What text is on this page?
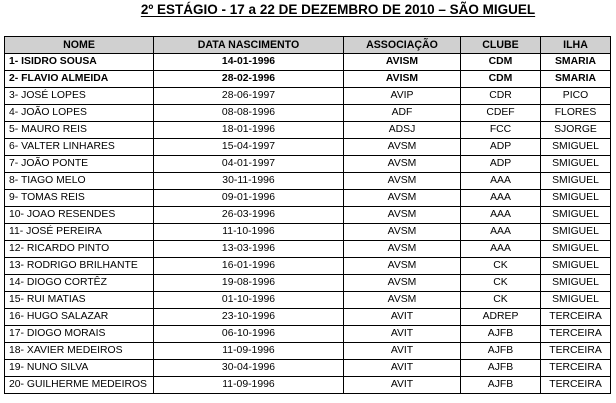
2º ESTÁGIO - 17 a 22 DE DEZEMBRO DE 2010 – SÃO MIGUEL
NOME	DATA NASCIMENTO	ASSOCIAÇÃO	CLUBE	ILHA
1- ISIDRO SOUSA	14-01-1996	AVISM	CDM	SMARIA
2- FLAVIO ALMEIDA	28-02-1996	AVISM	CDM	SMARIA
3- JOSÉ LOPES	28-06-1997	AVIP	CDR	PICO
4- JOÃO LOPES	08-08-1996	ADF	CDEF	FLORES
5- MAURO REIS	18-01-1996	ADSJ	FCC	SJORGE
6- VALTER LINHARES	15-04-1997	AVSM	ADP	SMIGUEL
7- JOÃO PONTE	04-01-1997	AVSM	ADP	SMIGUEL
8- TIAGO MELO	30-11-1996	AVSM	AAA	SMIGUEL
9- TOMAS REIS	09-01-1996	AVSM	AAA	SMIGUEL
10- JOAO RESENDES	26-03-1996	AVSM	AAA	SMIGUEL
11- JOSÉ PEREIRA	11-10-1996	AVSM	AAA	SMIGUEL
12- RICARDO PINTO	13-03-1996	AVSM	AAA	SMIGUEL
13- RODRIGO BRILHANTE	16-01-1996	AVSM	CK	SMIGUEL
14- DIOGO CORTÊZ	19-08-1996	AVSM	CK	SMIGUEL
15- RUI MATIAS	01-10-1996	AVSM	CK	SMIGUEL
16- HUGO SALAZAR	23-10-1996	AVIT	ADREP	TERCEIRA
17- DIOGO MORAIS	06-10-1996	AVIT	AJFB	TERCEIRA
18- XAVIER MEDEIROS	11-09-1996	AVIT	AJFB	TERCEIRA
19- NUNO SILVA	30-04-1996	AVIT	AJFB	TERCEIRA
20- GUILHERME MEDEIROS	11-09-1996	AVIT	AJFB	TERCEIRA
